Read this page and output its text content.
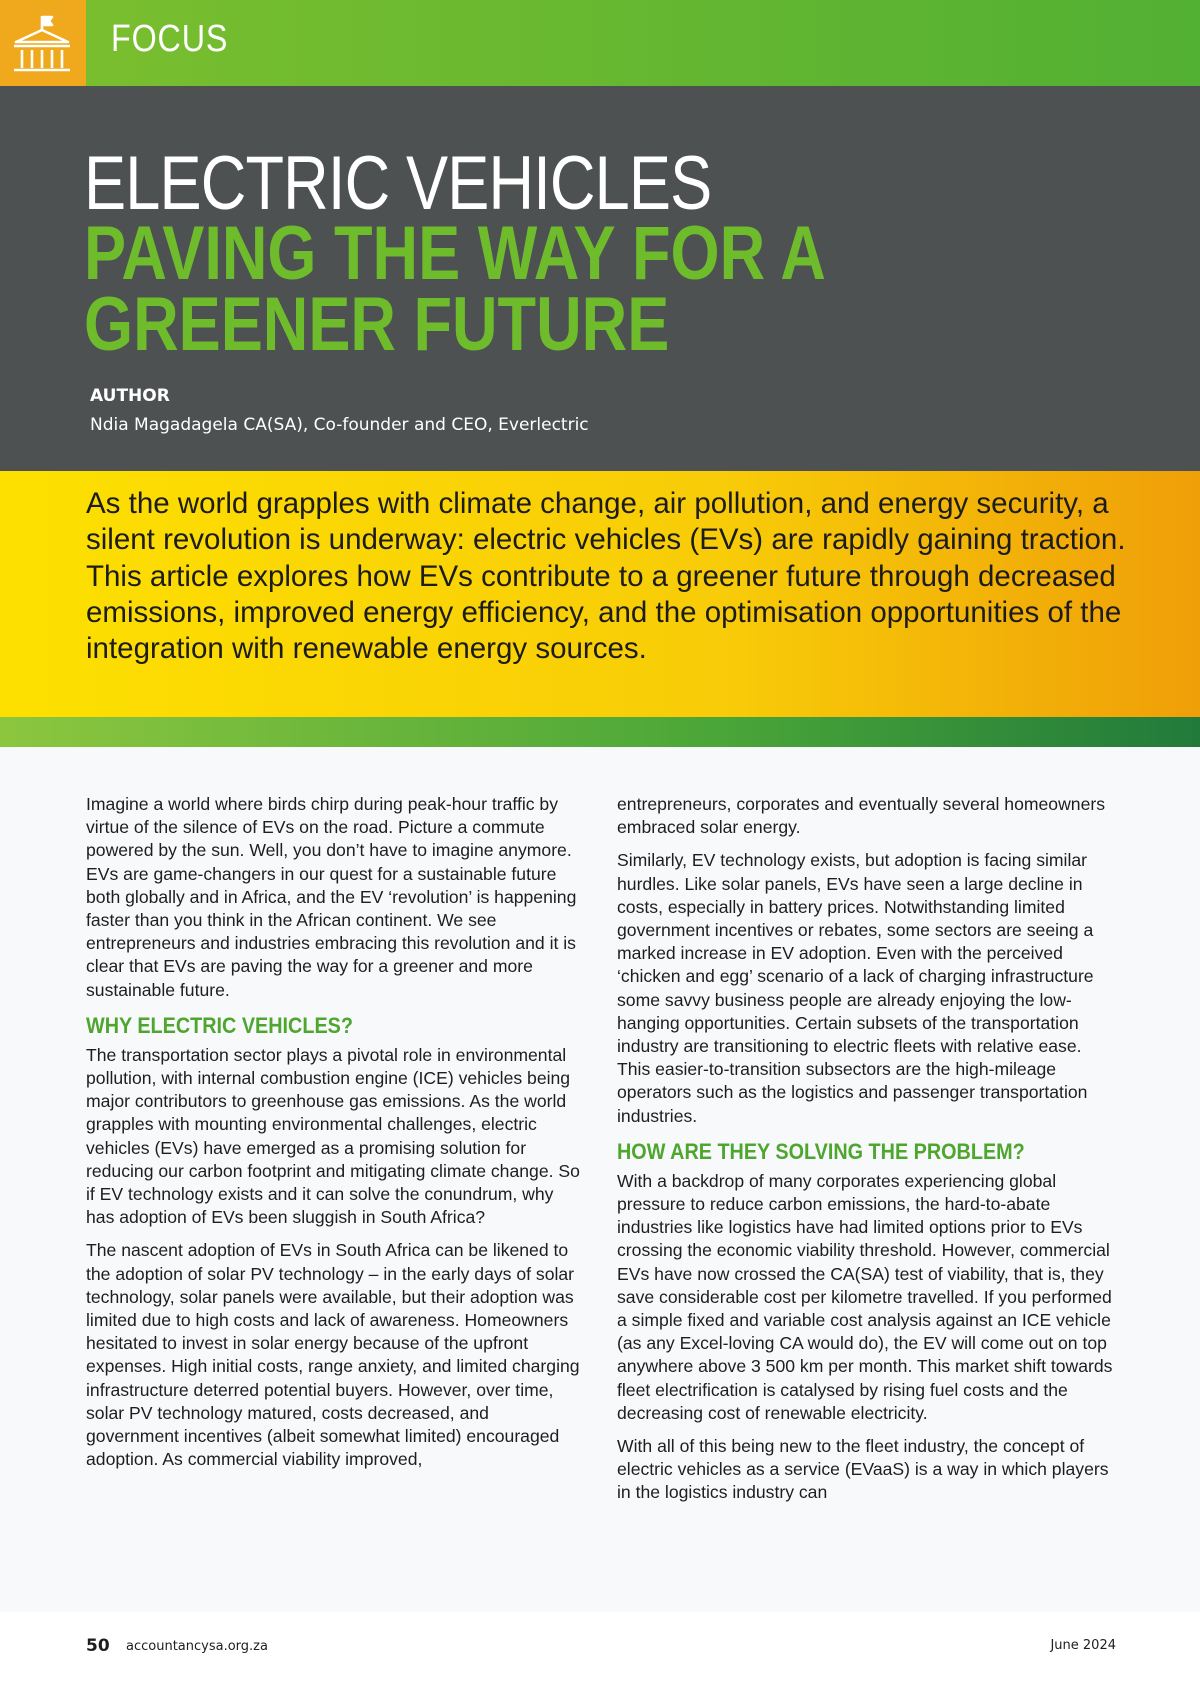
FOCUS
ELECTRIC VEHICLES
PAVING THE WAY FOR A
GREENER FUTURE
AUTHOR
Ndia Magadagela CA(SA), Co-founder and CEO, Everlectric
As the world grapples with climate change, air pollution, and energy security, a silent revolution is underway: electric vehicles (EVs) are rapidly gaining traction. This article explores how EVs contribute to a greener future through decreased emissions, improved energy efficiency, and the optimisation opportunities of the integration with renewable energy sources.

Imagine a world where birds chirp during peak-hour traffic by virtue of the silence of EVs on the road. Picture a commute powered by the sun. Well, you don’t have to imagine anymore. EVs are game-changers in our quest for a sustainable future both globally and in Africa, and the EV ‘revolution’ is happening faster than you think in the African continent. We see entrepreneurs and industries embracing this revolution and it is clear that EVs are paving the way for a greener and more sustainable future.

WHY ELECTRIC VEHICLES?

The transportation sector plays a pivotal role in environmental pollution, with internal combustion engine (ICE) vehicles being major contributors to greenhouse gas emissions. As the world grapples with mounting environmental challenges, electric vehicles (EVs) have emerged as a promising solution for reducing our carbon footprint and mitigating climate change. So if EV technology exists and it can solve the conundrum, why has adoption of EVs been sluggish in South Africa?

The nascent adoption of EVs in South Africa can be likened to the adoption of solar PV technology – in the early days of solar technology, solar panels were available, but their adoption was limited due to high costs and lack of awareness. Homeowners hesitated to invest in solar energy because of the upfront expenses. High initial costs, range anxiety, and limited charging infrastructure deterred potential buyers. However, over time, solar PV technology matured, costs decreased, and government incentives (albeit somewhat limited) encouraged adoption. As commercial viability improved,

entrepreneurs, corporates and eventually several homeowners embraced solar energy.

Similarly, EV technology exists, but adoption is facing similar hurdles. Like solar panels, EVs have seen a large decline in costs, especially in battery prices. Notwithstanding limited government incentives or rebates, some sectors are seeing a marked increase in EV adoption. Even with the perceived ‘chicken and egg’ scenario of a lack of charging infrastructure some savvy business people are already enjoying the low-hanging opportunities. Certain subsets of the transportation industry are transitioning to electric fleets with relative ease. This easier-to-transition subsectors are the high-mileage operators such as the logistics and passenger transportation industries.

HOW ARE THEY SOLVING THE PROBLEM?

With a backdrop of many corporates experiencing global pressure to reduce carbon emissions, the hard-to-abate industries like logistics have had limited options prior to EVs crossing the economic viability threshold. However, commercial EVs have now crossed the CA(SA) test of viability, that is, they save considerable cost per kilometre travelled. If you performed a simple fixed and variable cost analysis against an ICE vehicle (as any Excel-loving CA would do), the EV will come out on top anywhere above 3 500 km per month. This market shift towards fleet electrification is catalysed by rising fuel costs and the decreasing cost of renewable electricity.

With all of this being new to the fleet industry, the concept of electric vehicles as a service (EVaaS) is a way in which players in the logistics industry can

50 accountancysa.org.za	June 2024
